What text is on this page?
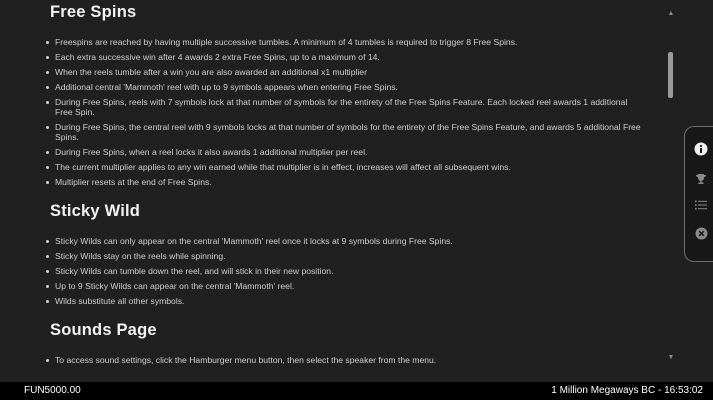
Free Spins
Freespins are reached by having multiple successive tumbles. A minimum of 4 tumbles is required to trigger 8 Free Spins.
Each extra successive win after 4 awards 2 extra Free Spins, up to a maximum of 14.
When the reels tumble after a win you are also awarded an additional x1 multiplier
Additional central 'Mammoth' reel with up to 9 symbols appears when entering Free Spins.
During Free Spins, reels with 7 symbols lock at that number of symbols for the entirety of the Free Spins Feature. Each locked reel awards 1 additional Free Spin.
During Free Spins, the central reel with 9 symbols locks at that number of symbols for the entirety of the Free Spins Feature, and awards 5 additional Free Spins.
During Free Spins, when a reel locks it also awards 1 additional multiplier per reel.
The current multiplier applies to any win earned while that multiplier is in effect, increases will affect all subsequent wins.
Multiplier resets at the end of Free Spins.
Sticky Wild
Sticky Wilds can only appear on the central 'Mammoth' reel once it locks at 9 symbols during Free Spins.
Sticky Wilds stay on the reels while spinning.
Sticky Wilds can tumble down the reel, and will stick in their new position.
Up to 9 Sticky Wilds can appear on the central 'Mammoth' reel.
Wilds substitute all other symbols.
Sounds Page
To access sound settings, click the Hamburger menu button, then select the speaker from the menu.
▲
▼
FUN5000.00	1 Million Megaways BC - 16:53:02
